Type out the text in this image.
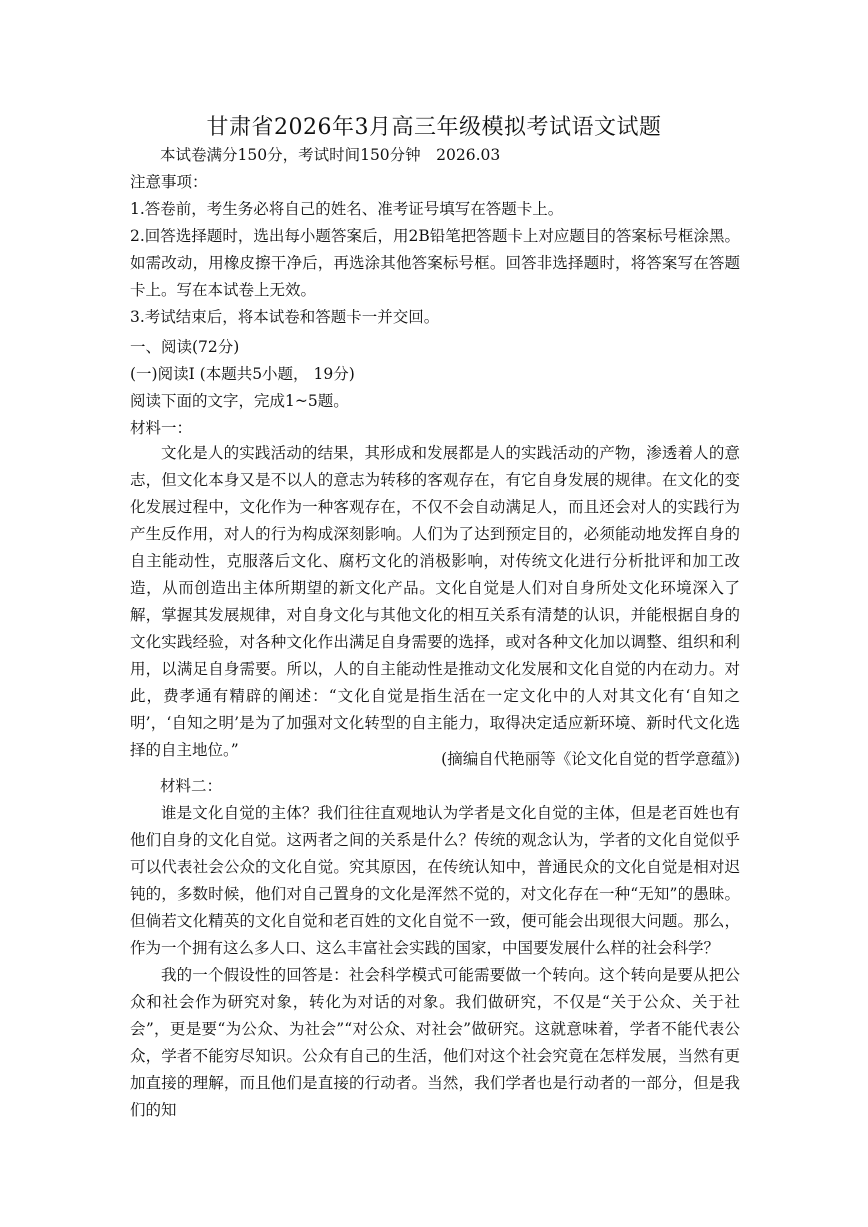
甘肃省2026年3月高三年级模拟考试语文试题
本试卷满分150分，考试时间150分钟　2026.03
注意事项：

1.答卷前，考生务必将自己的姓名、准考证号填写在答题卡上。

2.回答选择题时，选出每小题答案后，用2B铅笔把答题卡上对应题目的答案标号框涂黑。如需改动，用橡皮擦干净后，再选涂其他答案标号框。回答非选择题时，将答案写在答题卡上。写在本试卷上无效。

3.考试结束后，将本试卷和答题卡一并交回。

一、阅读(72分)
(一)阅读Ⅰ (本题共5小题， 19分)
阅读下面的文字，完成1~5题。
材料一：

文化是人的实践活动的结果，其形成和发展都是人的实践活动的产物，渗透着人的意志，但文化本身又是不以人的意志为转移的客观存在，有它自身发展的规律。在文化的变化发展过程中，文化作为一种客观存在，不仅不会自动满足人，而且还会对人的实践行为产生反作用，对人的行为构成深刻影响。人们为了达到预定目的，必须能动地发挥自身的自主能动性，克服落后文化、腐朽文化的消极影响，对传统文化进行分析批评和加工改造，从而创造出主体所期望的新文化产品。文化自觉是人们对自身所处文化环境深入了解，掌握其发展规律，对自身文化与其他文化的相互关系有清楚的认识，并能根据自身的文化实践经验，对各种文化作出满足自身需要的选择，或对各种文化加以调整、组织和利用，以满足自身需要。所以，人的自主能动性是推动文化发展和文化自觉的内在动力。对此，费孝通有精辟的阐述：“文化自觉是指生活在一定文化中的人对其文化有‘自知之明’，‘自知之明’是为了加强对文化转型的自主能力，取得决定适应新环境、新时代文化选择的自主地位。”	(摘编自代艳丽等《论文化自觉的哲学意蕴》)
材料二：

谁是文化自觉的主体？我们往往直观地认为学者是文化自觉的主体，但是老百姓也有他们自身的文化自觉。这两者之间的关系是什么？传统的观念认为，学者的文化自觉似乎可以代表社会公众的文化自觉。究其原因，在传统认知中，普通民众的文化自觉是相对迟钝的，多数时候，他们对自己置身的文化是浑然不觉的，对文化存在一种“无知”的愚昧。但倘若文化精英的文化自觉和老百姓的文化自觉不一致，便可能会出现很大问题。那么，作为一个拥有这么多人口、这么丰富社会实践的国家，中国要发展什么样的社会科学？

我的一个假设性的回答是：社会科学模式可能需要做一个转向。这个转向是要从把公众和社会作为研究对象，转化为对话的对象。我们做研究，不仅是“关于公众、关于社会”，更是要“为公众、为社会”“对公众、对社会”做研究。这就意味着，学者不能代表公众，学者不能穷尽知识。公众有自己的生活，他们对这个社会究竟在怎样发展，当然有更加直接的理解，而且他们是直接的行动者。当然，我们学者也是行动者的一部分，但是我们的知
